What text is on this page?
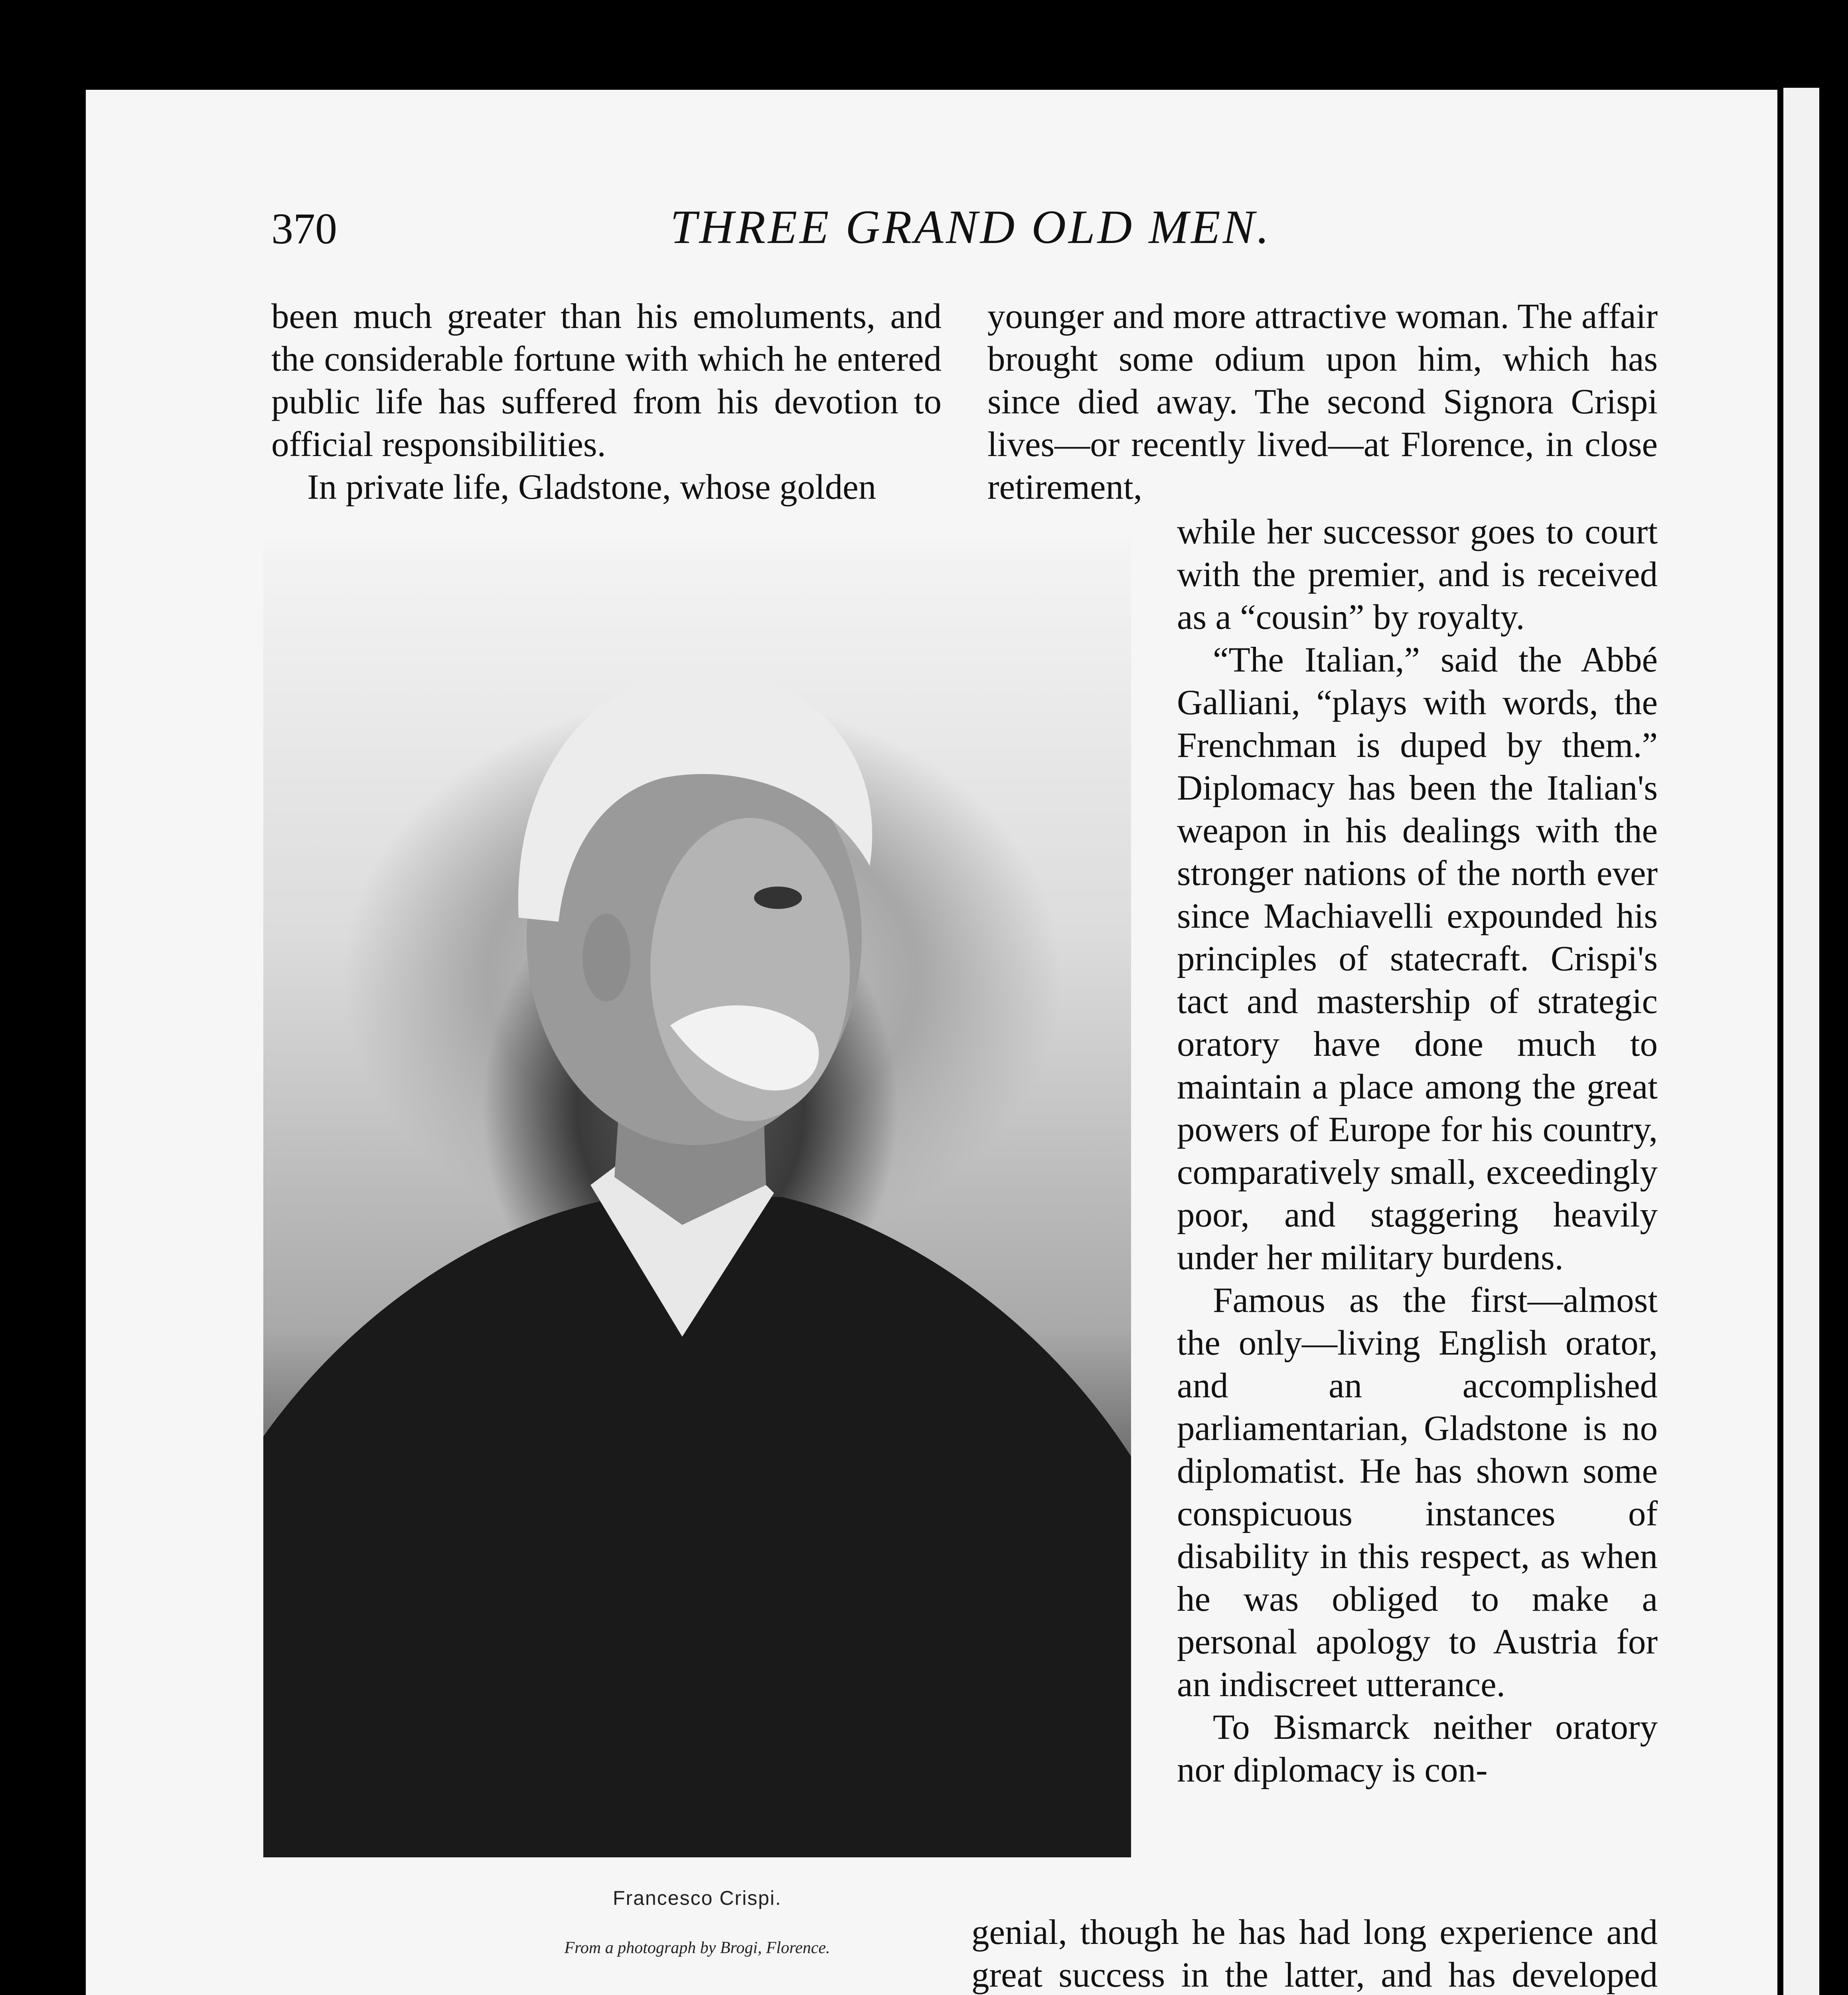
370	THREE GRAND OLD MEN.

been much greater than his emoluments, and the considerable fortune with which he entered public life has suffered from his devotion to official responsibilities.

In private life, Gladstone, whose golden

younger and more attractive woman. The affair brought some odium upon him, which has since died away. The second Signora Crispi lives—or recently lived—at Florence, in close retirement,

while her successor goes to court with the premier, and is received as a “cousin” by royalty.

“The Italian,” said the Abbé Galliani, “plays with words, the Frenchman is duped by them.” Diplomacy has been the Italian's weapon in his dealings with the stronger nations of the north ever since Machiavelli expounded his principles of statecraft. Crispi's tact and mastership of strategic oratory have done much to maintain a place among the great powers of Europe for his country, comparatively small, exceedingly poor, and staggering heavily under her military burdens.

Famous as the first—almost the only—living English orator, and an accomplished parliamentarian, Gladstone is no diplomatist. He has shown some conspicuous instances of disability in this respect, as when he was obliged to make a personal apology to Austria for an indiscreet utterance.

To Bismarck neither oratory nor diplomacy is con-

Francesco Crispi.
From a photograph by Brogi, Florence.	genial, though he has had long experience and great success in the latter, and has developed
